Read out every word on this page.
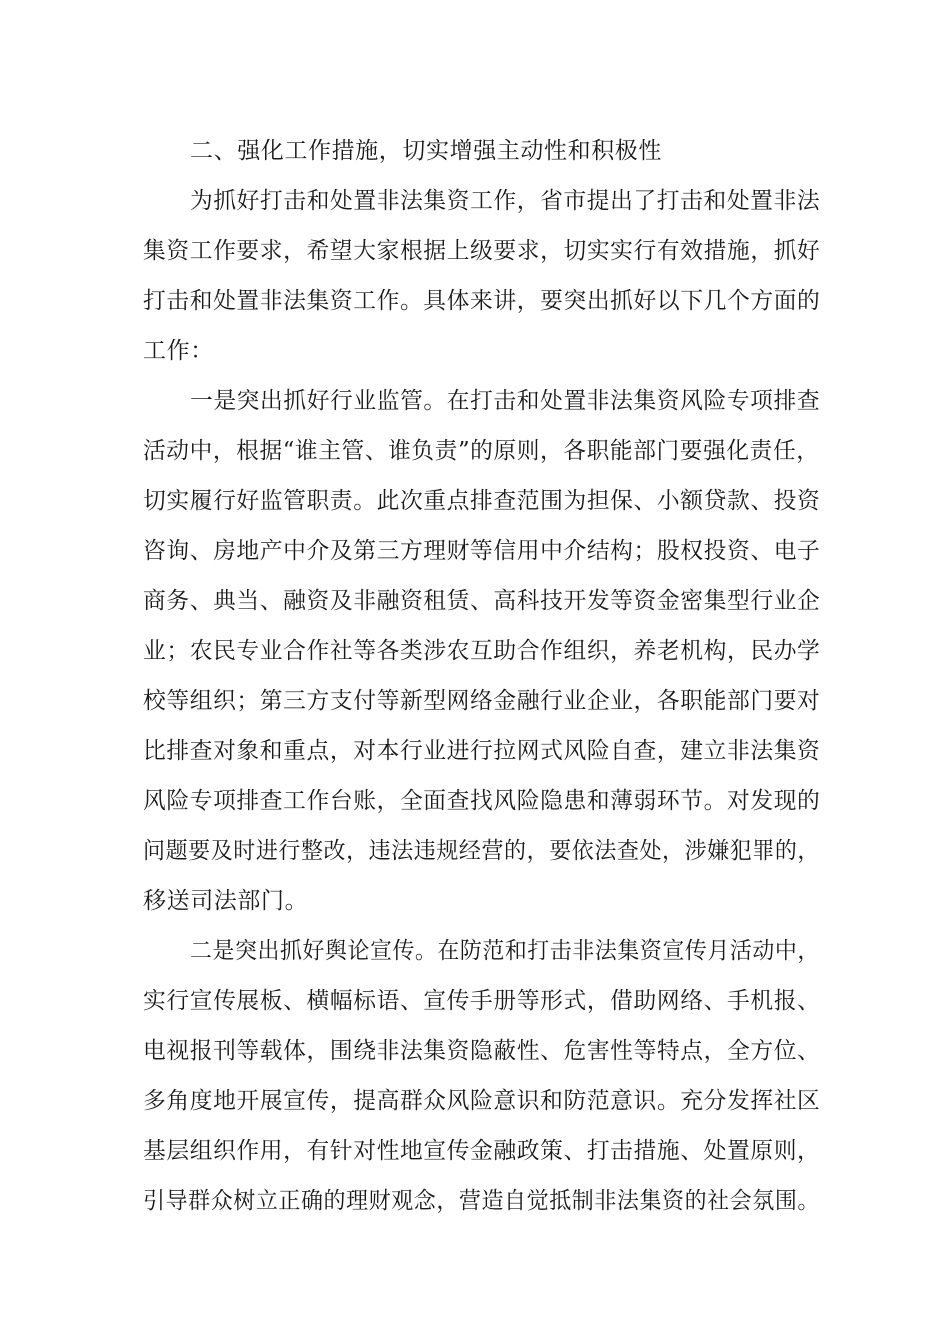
二、强化工作措施，切实增强主动性和积极性
为抓好打击和处置非法集资工作，省市提出了打击和处置非法
集资工作要求，希望大家根据上级要求，切实实行有效措施，抓好
打击和处置非法集资工作。具体来讲，要突出抓好以下几个方面的
工作：
一是突出抓好行业监管。在打击和处置非法集资风险专项排查
活动中，根据“谁主管、谁负责”的原则，各职能部门要强化责任，
切实履行好监管职责。此次重点排查范围为担保、小额贷款、投资
咨询、房地产中介及第三方理财等信用中介结构；股权投资、电子
商务、典当、融资及非融资租赁、高科技开发等资金密集型行业企
业；农民专业合作社等各类涉农互助合作组织，养老机构，民办学
校等组织；第三方支付等新型网络金融行业企业，各职能部门要对
比排查对象和重点，对本行业进行拉网式风险自查，建立非法集资
风险专项排查工作台账，全面查找风险隐患和薄弱环节。对发现的
问题要及时进行整改，违法违规经营的，要依法查处，涉嫌犯罪的，
移送司法部门。
二是突出抓好舆论宣传。在防范和打击非法集资宣传月活动中，
实行宣传展板、横幅标语、宣传手册等形式，借助网络、手机报、
电视报刊等载体，围绕非法集资隐蔽性、危害性等特点，全方位、
多角度地开展宣传，提高群众风险意识和防范意识。充分发挥社区
基层组织作用，有针对性地宣传金融政策、打击措施、处置原则，
引导群众树立正确的理财观念，营造自觉抵制非法集资的社会氛围。
